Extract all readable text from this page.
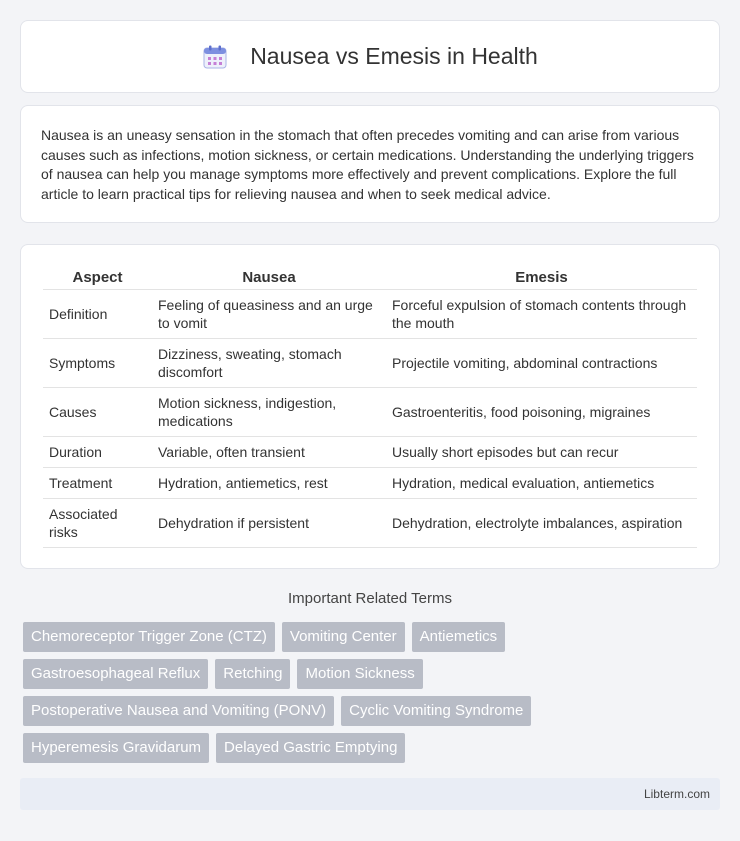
Nausea vs Emesis in Health

Nausea is an uneasy sensation in the stomach that often precedes vomiting and can arise from various causes such as infections, motion sickness, or certain medications. Understanding the underlying triggers of nausea can help you manage symptoms more effectively and prevent complications. Explore the full article to learn practical tips for relieving nausea and when to seek medical advice.

Aspect	Nausea	Emesis
Definition	Feeling of queasiness and an urge to vomit	Forceful expulsion of stomach contents through the mouth
Symptoms	Dizziness, sweating, stomach discomfort	Projectile vomiting, abdominal contractions
Causes	Motion sickness, indigestion, medications	Gastroenteritis, food poisoning, migraines
Duration	Variable, often transient	Usually short episodes but can recur
Treatment	Hydration, antiemetics, rest	Hydration, medical evaluation, antiemetics
Associated risks	Dehydration if persistent	Dehydration, electrolyte imbalances, aspiration
Important Related Terms
Chemoreceptor Trigger Zone (CTZ)	Vomiting Center	Antiemetics
Gastroesophageal Reflux	Retching	Motion Sickness
Postoperative Nausea and Vomiting (PONV)	Cyclic Vomiting Syndrome
Hyperemesis Gravidarum	Delayed Gastric Emptying
Libterm.com
